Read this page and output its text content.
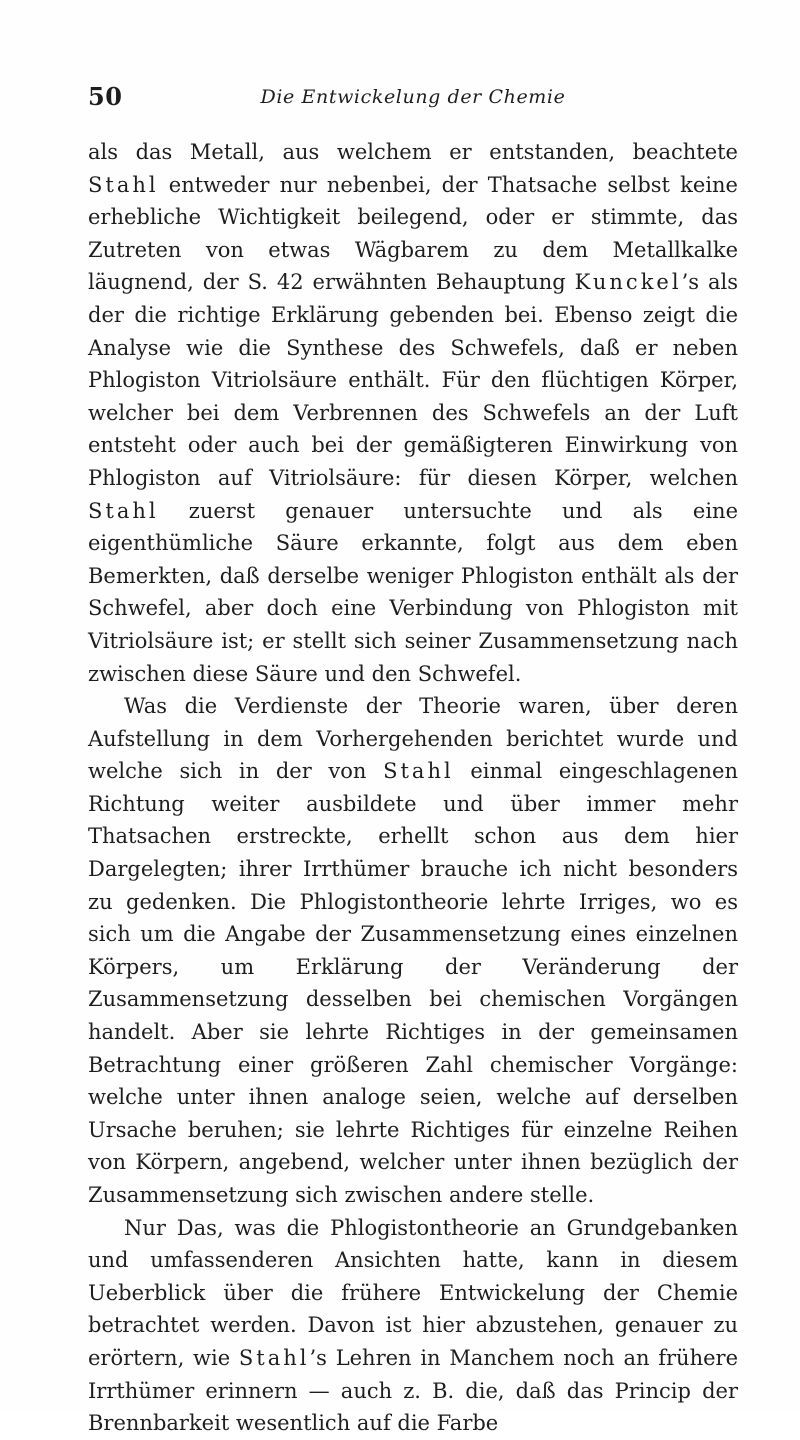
50	Die Entwickelung der Chemie

als das Metall, aus welchem er entstanden, beachtete Stahl entweder nur nebenbei, der Thatsache selbst keine erhebliche Wichtigkeit beilegend, oder er stimmte, das Zutreten von etwas Wägbarem zu dem Metallkalke läugnend, der S. 42 erwähnten Behauptung Kunckel’s als der die richtige Erklärung gebenden bei. Ebenso zeigt die Analyse wie die Synthese des Schwefels, daß er neben Phlogiston Vitriolsäure enthält. Für den flüchtigen Körper, welcher bei dem Verbrennen des Schwefels an der Luft entsteht oder auch bei der gemäßigteren Einwirkung von Phlogiston auf Vitriolsäure: für diesen Körper, welchen Stahl zuerst genauer untersuchte und als eine eigenthümliche Säure erkannte, folgt aus dem eben Bemerkten, daß derselbe weniger Phlogiston enthält als der Schwefel, aber doch eine Verbindung von Phlogiston mit Vitriolsäure ist; er stellt sich seiner Zusammensetzung nach zwischen diese Säure und den Schwefel.

Was die Verdienste der Theorie waren, über deren Aufstellung in dem Vorhergehenden berichtet wurde und welche sich in der von Stahl einmal eingeschlagenen Richtung weiter ausbildete und über immer mehr Thatsachen erstreckte, erhellt schon aus dem hier Dargelegten; ihrer Irrthümer brauche ich nicht besonders zu gedenken. Die Phlogistontheorie lehrte Irriges, wo es sich um die Angabe der Zusammensetzung eines einzelnen Körpers, um Erklärung der Veränderung der Zusammensetzung desselben bei chemischen Vorgängen handelt. Aber sie lehrte Richtiges in der gemeinsamen Betrachtung einer größeren Zahl chemischer Vorgänge: welche unter ihnen analoge seien, welche auf derselben Ursache beruhen; sie lehrte Richtiges für einzelne Reihen von Körpern, angebend, welcher unter ihnen bezüglich der Zusammensetzung sich zwischen andere stelle.

Nur Das, was die Phlogistontheorie an Grundgebanken und umfassenderen Ansichten hatte, kann in diesem Ueberblick über die frühere Entwickelung der Chemie betrachtet werden. Davon ist hier abzustehen, genauer zu erörtern, wie Stahl’s Lehren in Manchem noch an frühere Irrthümer erinnern — auch z. B. die, daß das Princip der Brennbarkeit wesentlich auf die Farbe
